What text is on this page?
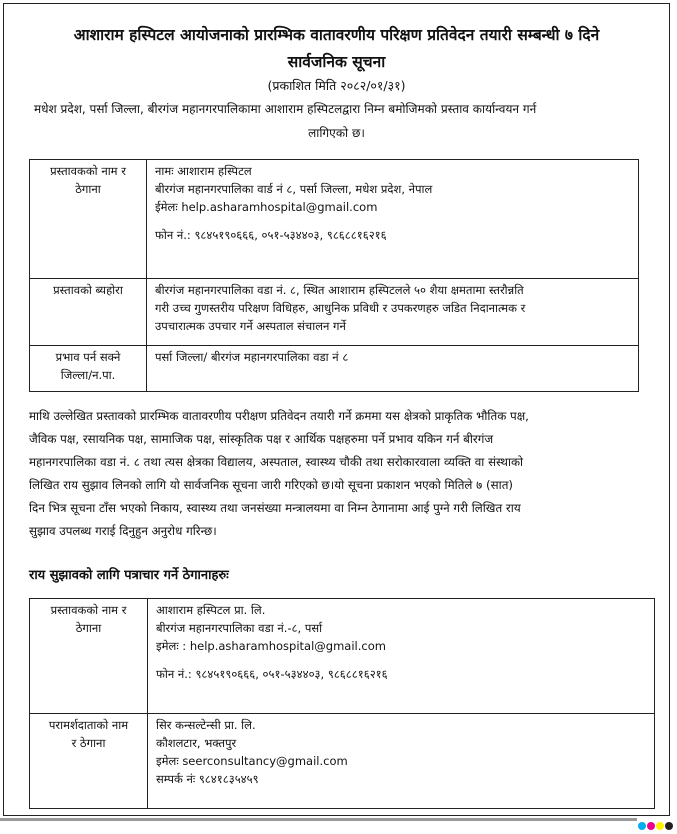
आशाराम हस्पिटल आयोजनाको प्रारम्भिक वातावरणीय परिक्षण प्रतिवेदन तयारी सम्बन्धी ७ दिने
सार्वजनिक सूचना
(प्रकाशित मिति २०८२/०१/३१)
मधेश प्रदेश, पर्सा जिल्ला, बीरगंज महानगरपालिकामा आशाराम हस्पिटलद्वारा निम्न बमोजिमको प्रस्ताव कार्यान्वयन गर्न
लागिएको छ।
प्रस्तावकको नाम र
ठेगाना	नामः आशाराम हस्पिटल
बीरगंज महानगरपालिका वार्ड नं ८, पर्सा जिल्ला, मधेश प्रदेश, नेपाल
ईमेलः help.asharamhospital@gmail.com
फोन नं.: ९८४५१९०६६६, ०५१-५३४४०३, ९८६८८१६२१६

प्रस्तावको ब्यहोरा	बीरगंज महानगरपालिका वडा नं. ८, स्थित आशाराम हस्पिटलले ५० शैया क्षमतामा स्तरौन्नति
गरी उच्च गुणस्तरीय परिक्षण विधिहरु, आधुनिक प्रविधी र उपकरणहरु जडित निदानात्मक र
उपचारात्मक उपचार गर्ने अस्पताल संचालन गर्ने

प्रभाव पर्न सक्ने
जिल्ला/न.पा.	पर्सा जिल्ला/ बीरगंज महानगरपालिका वडा नं ८
माथि उल्लेखित प्रस्तावको प्रारम्भिक वातावरणीय परीक्षण प्रतिवेदन तयारी गर्ने क्रममा यस क्षेत्रको प्राकृतिक भौतिक पक्ष,
जैविक पक्ष, रसायनिक पक्ष, सामाजिक पक्ष, सांस्कृतिक पक्ष र आर्थिक पक्षहरुमा पर्ने प्रभाव यकिन गर्न बीरगंज
महानगरपालिका वडा नं. ८ तथा त्यस क्षेत्रका विद्यालय, अस्पताल, स्वास्थ्य चौकी तथा सरोकारवाला व्यक्ति वा संस्थाको
लिखित राय सुझाव लिनको लागि यो सार्वजनिक सूचना जारी गरिएको छ।यो सूचना प्रकाशन भएको मितिले ७ (सात)
दिन भित्र सूचना टाँस भएको निकाय, स्वास्थ्य तथा जनसंख्या मन्त्रालयमा वा निम्न ठेगानामा आई पुग्ने गरी लिखित राय
सुझाव उपलब्ध गराई दिनुहुन अनुरोध गरिन्छ।
राय सुझावको लागि पत्राचार गर्ने ठेगानाहरुः
प्रस्तावकको नाम र
ठेगाना	आशाराम हस्पिटल प्रा. लि.
बीरगंज महानगरपालिका वडा नं.-८, पर्सा
इमेलः : help.asharamhospital@gmail.com
फोन नं.: ९८४५१९०६६६, ०५१-५३४४०३, ९८६८८१६२१६

परामर्शदाताको नाम
र ठेगाना	सिर कन्सल्टेन्सी प्रा. लि.
कौशलटार, भक्तपुर
इमेलः seerconsultancy@gmail.com
सम्पर्क नंः ९८४१८३५४५९
